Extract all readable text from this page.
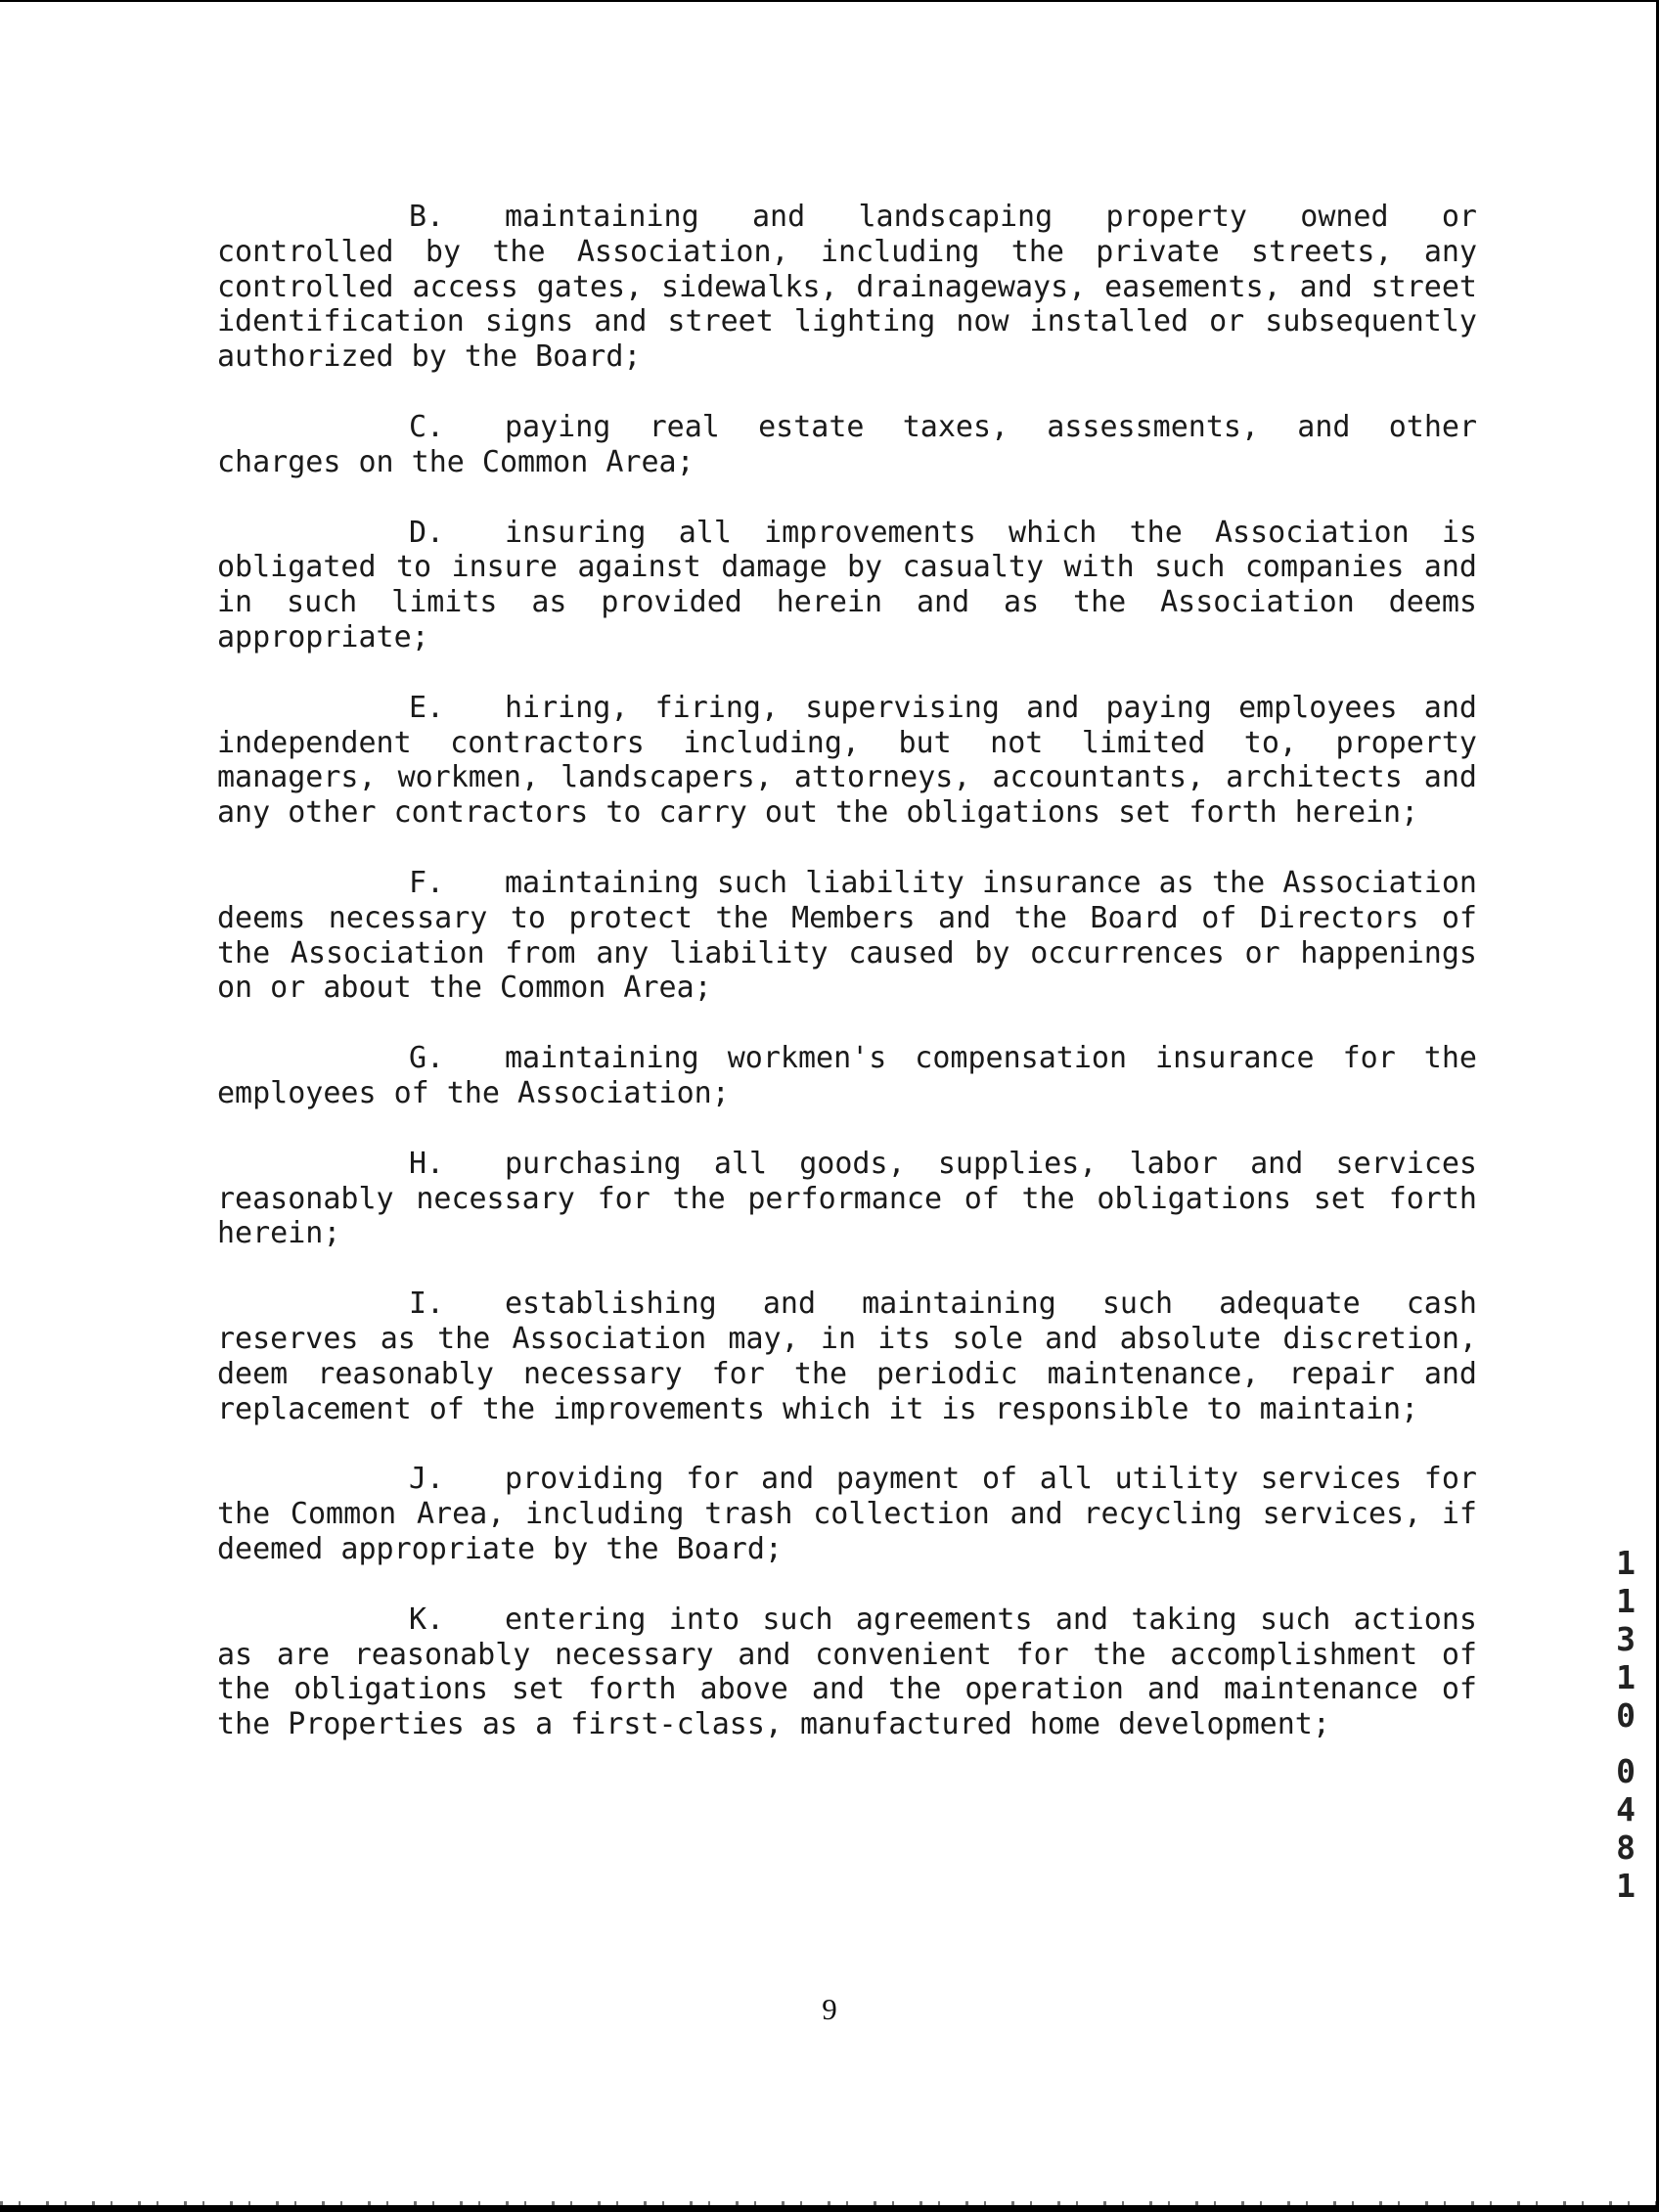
B. maintaining and landscaping property owned or controlled by the Association, including the private streets, any controlled access gates, sidewalks, drainageways, easements, and street identification signs and street lighting now installed or subsequently authorized by the Board;

C. paying real estate taxes, assessments, and other charges on the Common Area;

D. insuring all improvements which the Association is obligated to insure against damage by casualty with such companies and in such limits as provided herein and as the Association deems appropriate;

E. hiring, firing, supervising and paying employees and independent contractors including, but not limited to, property managers, workmen, landscapers, attorneys, accountants, architects and any other contractors to carry out the obligations set forth herein;

F. maintaining such liability insurance as the Association deems necessary to protect the Members and the Board of Directors of the Association from any liability caused by occurrences or happenings on or about the Common Area;

G. maintaining workmen's compensation insurance for the employees of the Association;

H. purchasing all goods, supplies, labor and services reasonably necessary for the performance of the obligations set forth herein;

I. establishing and maintaining such adequate cash reserves as the Association may, in its sole and absolute discretion, deem reasonably necessary for the periodic maintenance, repair and replacement of the improvements which it is responsible to maintain;

J. providing for and payment of all utility services for the Common Area, including trash collection and recycling services, if deemed appropriate by the Board;

K. entering into such agreements and taking such actions as are reasonably necessary and convenient for the accomplishment of the obligations set forth above and the operation and maintenance of the Properties as a first-class, manufactured home development;

9
1
1
3
1
0
0
4
8
1
